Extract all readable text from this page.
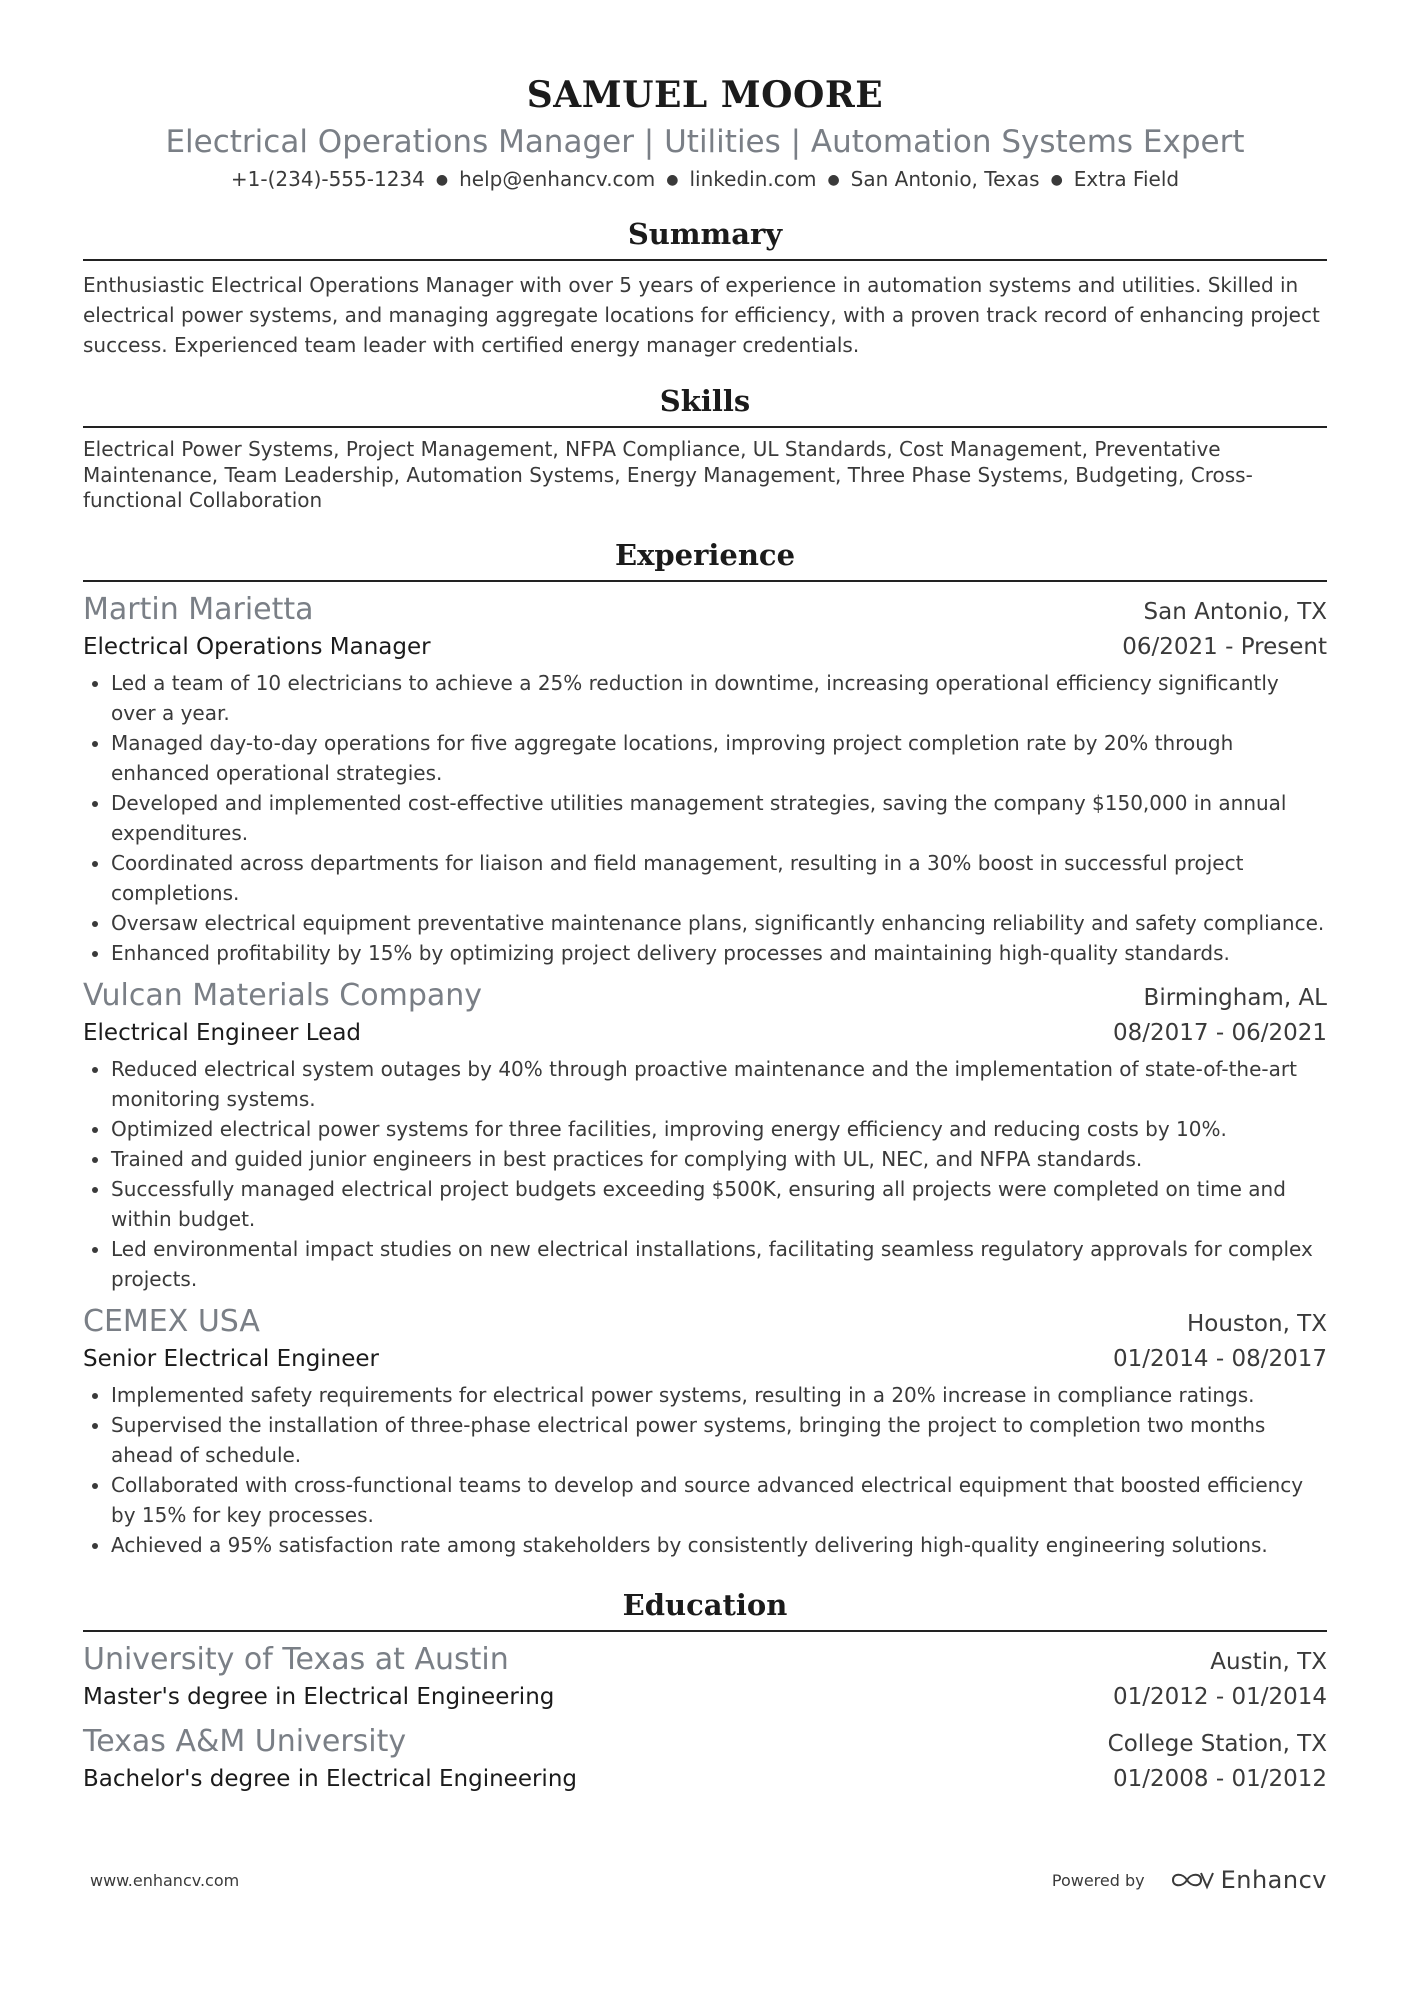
SAMUEL MOORE
Electrical Operations Manager | Utilities | Automation Systems Expert
+1-(234)-555-1234 ● help@enhancv.com ● linkedin.com ● San Antonio, Texas ● Extra Field
Summary
Enthusiastic Electrical Operations Manager with over 5 years of experience in automation systems and utilities. Skilled in electrical power systems, and managing aggregate locations for efficiency, with a proven track record of enhancing project success. Experienced team leader with certified energy manager credentials.
Skills
Electrical Power Systems, Project Management, NFPA Compliance, UL Standards, Cost Management, Preventative Maintenance, Team Leadership, Automation Systems, Energy Management, Three Phase Systems, Budgeting, Cross-functional Collaboration
Experience
Martin Marietta	San Antonio, TX
Electrical Operations Manager	06/2021 - Present
• Led a team of 10 electricians to achieve a 25% reduction in downtime, increasing operational efficiency significantly over a year.
• Managed day-to-day operations for five aggregate locations, improving project completion rate by 20% through enhanced operational strategies.
• Developed and implemented cost-effective utilities management strategies, saving the company $150,000 in annual expenditures.
• Coordinated across departments for liaison and field management, resulting in a 30% boost in successful project completions.
• Oversaw electrical equipment preventative maintenance plans, significantly enhancing reliability and safety compliance.
• Enhanced profitability by 15% by optimizing project delivery processes and maintaining high-quality standards.
Vulcan Materials Company	Birmingham, AL
Electrical Engineer Lead	08/2017 - 06/2021
• Reduced electrical system outages by 40% through proactive maintenance and the implementation of state-of-the-art monitoring systems.
• Optimized electrical power systems for three facilities, improving energy efficiency and reducing costs by 10%.
• Trained and guided junior engineers in best practices for complying with UL, NEC, and NFPA standards.
• Successfully managed electrical project budgets exceeding $500K, ensuring all projects were completed on time and within budget.
• Led environmental impact studies on new electrical installations, facilitating seamless regulatory approvals for complex projects.
CEMEX USA	Houston, TX
Senior Electrical Engineer	01/2014 - 08/2017
• Implemented safety requirements for electrical power systems, resulting in a 20% increase in compliance ratings.
• Supervised the installation of three-phase electrical power systems, bringing the project to completion two months ahead of schedule.
• Collaborated with cross-functional teams to develop and source advanced electrical equipment that boosted efficiency by 15% for key processes.
• Achieved a 95% satisfaction rate among stakeholders by consistently delivering high-quality engineering solutions.
Education
University of Texas at Austin	Austin, TX
Master's degree in Electrical Engineering	01/2012 - 01/2014
Texas A&M University	College Station, TX
Bachelor's degree in Electrical Engineering	01/2008 - 01/2012
www.enhancv.com	Powered by	Enhancv
